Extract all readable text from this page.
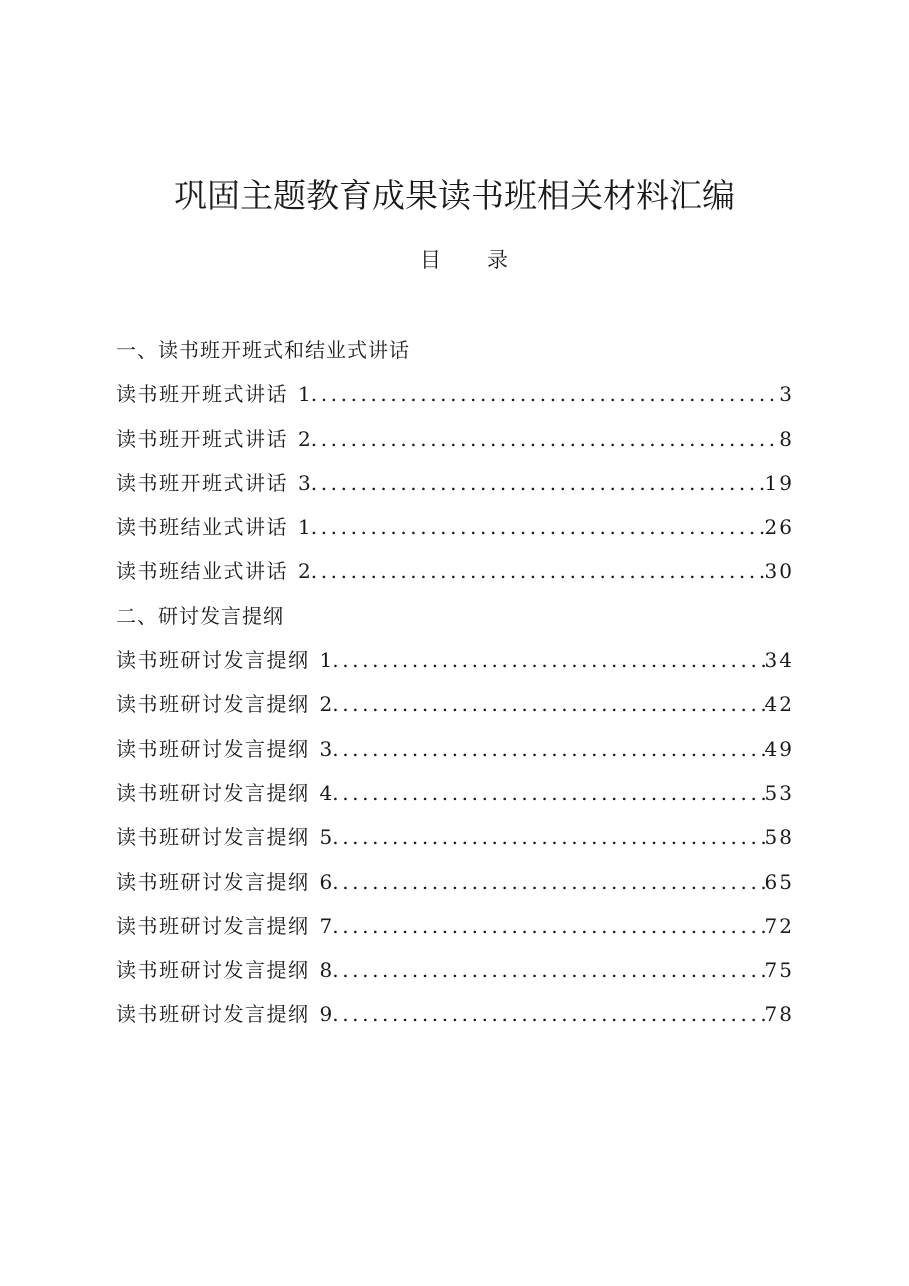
巩固主题教育成果读书班相关材料汇编
目 录
一、读书班开班式和结业式讲话
读书班开班式讲话 1 .....	3
读书班开班式讲话 2 .....	8
读书班开班式讲话 3 .....	19
读书班结业式讲话 1 .....	26
读书班结业式讲话 2 .....	30
二、研讨发言提纲
读书班研讨发言提纲 1 .....	34
读书班研讨发言提纲 2 .....	42
读书班研讨发言提纲 3 .....	49
读书班研讨发言提纲 4 .....	53
读书班研讨发言提纲 5 .....	58
读书班研讨发言提纲 6 .....	65
读书班研讨发言提纲 7 .....	72
读书班研讨发言提纲 8 .....	75
读书班研讨发言提纲 9 .....	78
